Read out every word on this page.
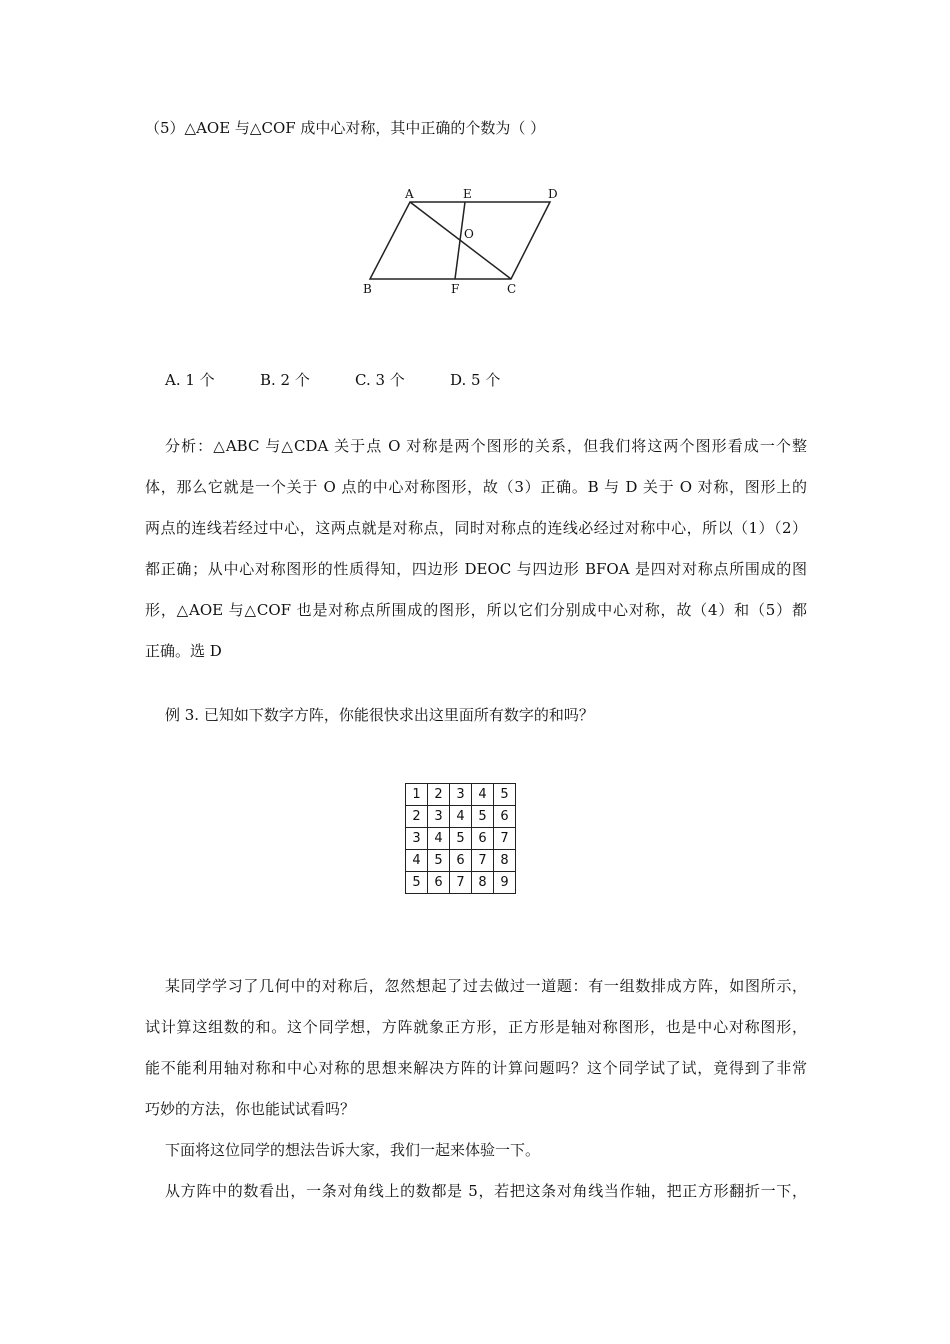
（5）△AOE 与△COF 成中心对称，其中正确的个数为（ ）
A	E	D
O
B	F	C
A. 1 个	B. 2 个	C. 3 个	D. 5 个
分析：△ABC 与△CDA 关于点 O 对称是两个图形的关系，但我们将这两个图形看成一个整
体，那么它就是一个关于 O 点的中心对称图形，故（3）正确。B 与 D 关于 O 对称，图形上的
两点的连线若经过中心，这两点就是对称点，同时对称点的连线必经过对称中心，所以（1）（2）
都正确；从中心对称图形的性质得知，四边形 DEOC 与四边形 BFOA 是四对对称点所围成的图
形，△AOE 与△COF 也是对称点所围成的图形，所以它们分别成中心对称，故（4）和（5）都
正确。选 D
例 3. 已知如下数字方阵，你能很快求出这里面所有数字的和吗？
1	2	3	4	5
2	3	4	5	6
3	4	5	6	7
4	5	6	7	8
5	6	7	8	9
某同学学习了几何中的对称后，忽然想起了过去做过一道题：有一组数排成方阵，如图所示，
试计算这组数的和。这个同学想，方阵就象正方形，正方形是轴对称图形，也是中心对称图形，
能不能利用轴对称和中心对称的思想来解决方阵的计算问题吗？这个同学试了试，竟得到了非常
巧妙的方法，你也能试试看吗？
下面将这位同学的想法告诉大家，我们一起来体验一下。
从方阵中的数看出，一条对角线上的数都是 5，若把这条对角线当作轴，把正方形翻折一下，
